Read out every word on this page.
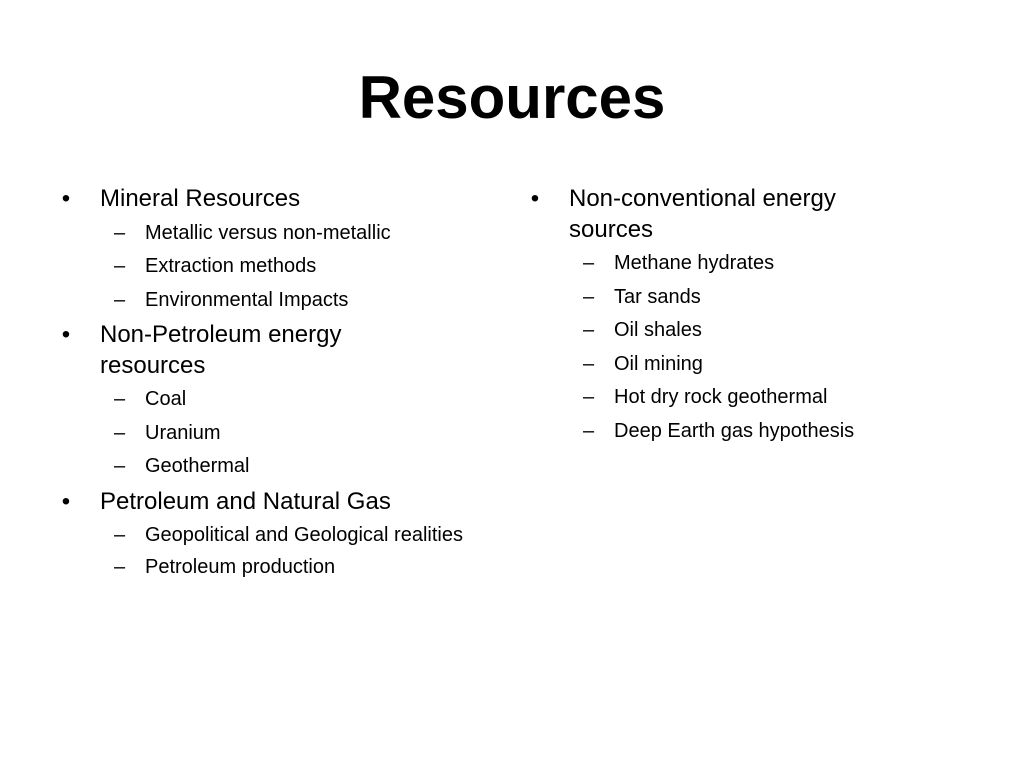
Resources
• Mineral Resources
– Metallic versus non-metallic
– Extraction methods
– Environmental Impacts
• Non-Petroleum energy resources
– Coal
– Uranium
– Geothermal
• Petroleum and Natural Gas
– Geopolitical and Geological realities
– Petroleum production
• Non-conventional energy sources
– Methane hydrates
– Tar sands
– Oil shales
– Oil mining
– Hot dry rock geothermal
– Deep Earth gas hypothesis
